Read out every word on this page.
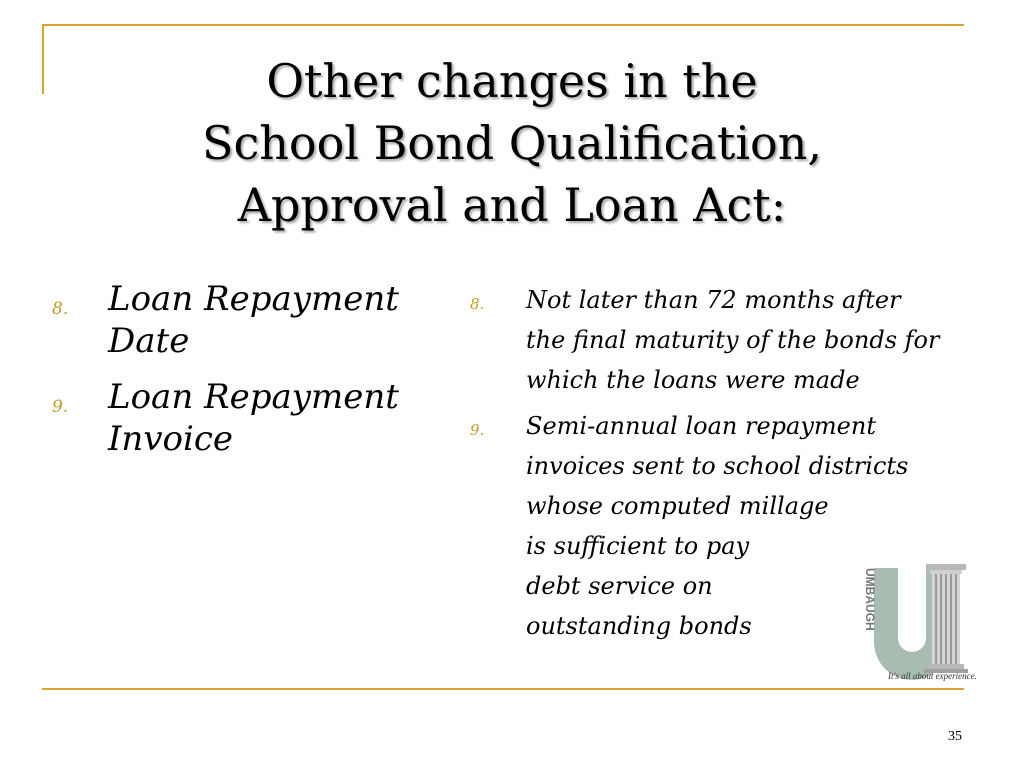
Other changes in the
School Bond Qualification,
Approval and Loan Act:
8. Loan Repayment
Date
9. Loan Repayment
Invoice
8. Not later than 72 months after
the final maturity of the bonds for
which the loans were made
9. Semi-annual loan repayment
invoices sent to school districts
whose computed millage
is sufficient to pay
debt service on
outstanding bonds	UMBAUGH
It's all about experience.
35
